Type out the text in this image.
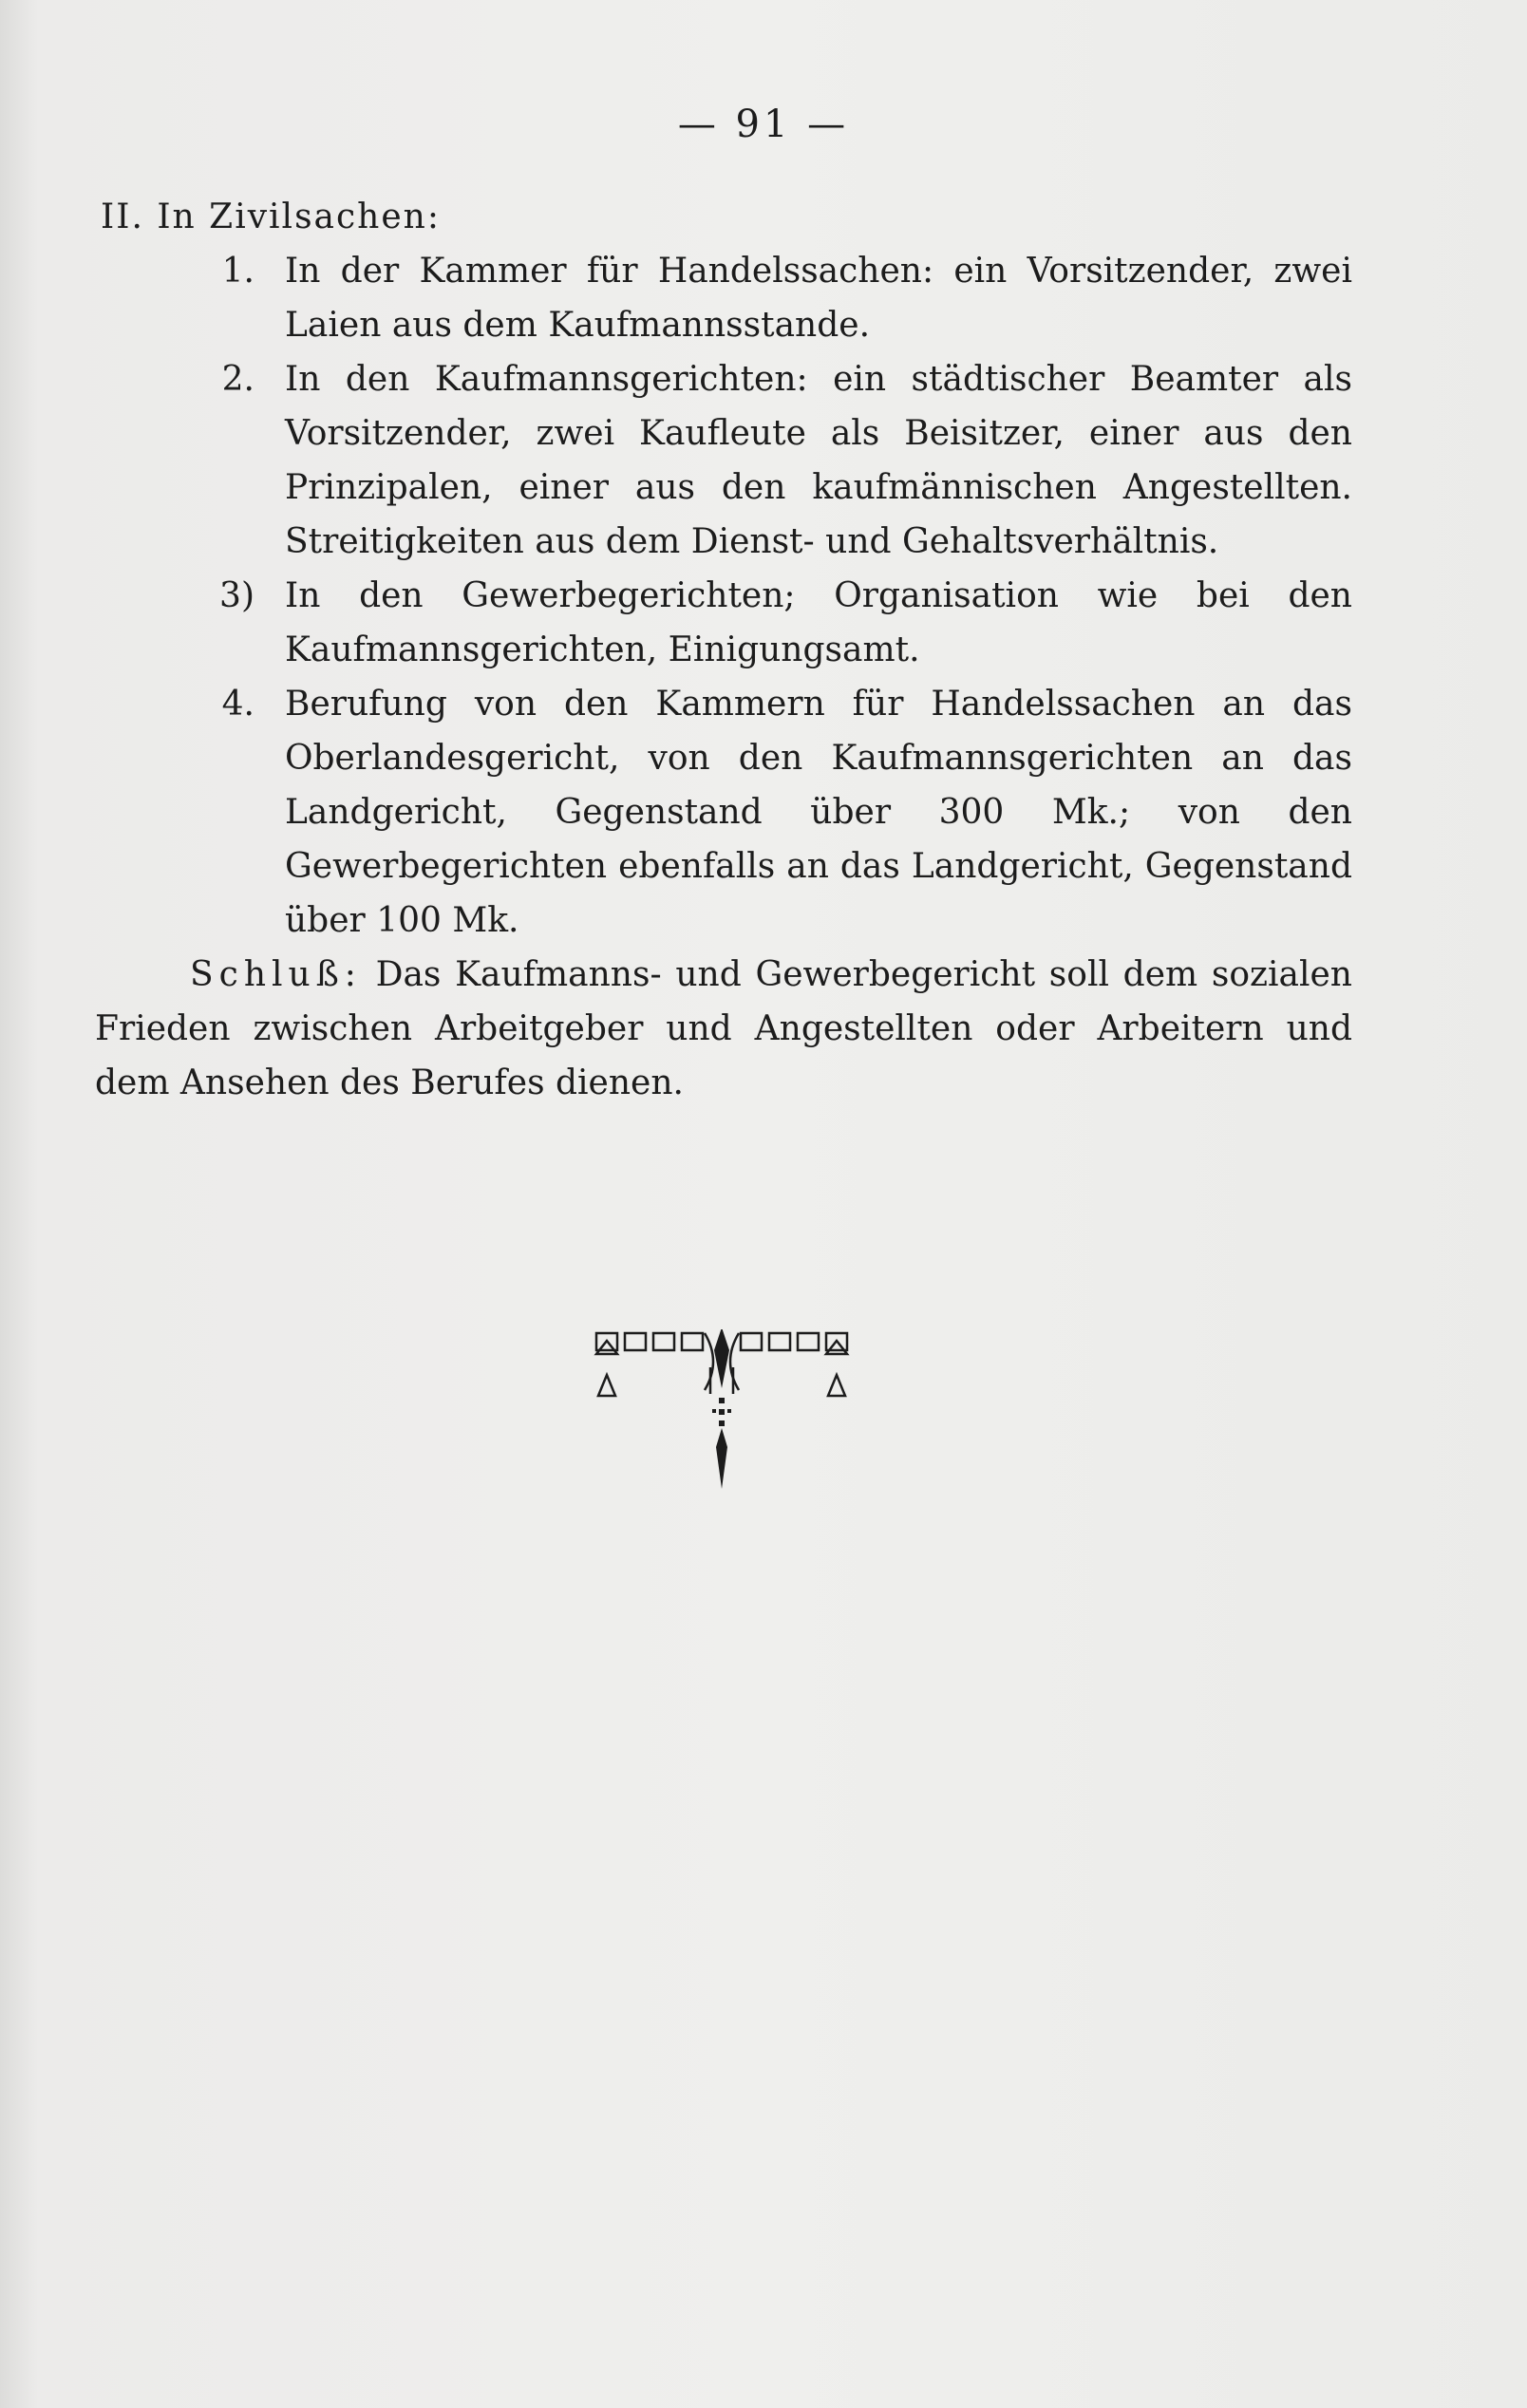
— 91 —

II. In Zivilsachen:

1. In der Kammer für Handelssachen: ein Vorsitzender, zwei Laien aus dem Kaufmannsstande.
2. In den Kaufmannsgerichten: ein städtischer Beamter als Vorsitzender, zwei Kaufleute als Beisitzer, einer aus den Prinzipalen, einer aus den kaufmännischen Angestellten. Streitigkeiten aus dem Dienst- und Gehaltsverhältnis.
3) In den Gewerbegerichten; Organisation wie bei den Kaufmannsgerichten, Einigungsamt.
4. Berufung von den Kammern für Handelssachen an das Oberlandesgericht, von den Kaufmannsgerichten an das Landgericht, Gegenstand über 300 Mk.; von den Gewerbegerichten ebenfalls an das Landgericht, Gegenstand über 100 Mk.

Schluß: Das Kaufmanns- und Gewerbegericht soll dem sozialen Frieden zwischen Arbeitgeber und Angestellten oder Arbeitern und dem Ansehen des Berufes dienen.
